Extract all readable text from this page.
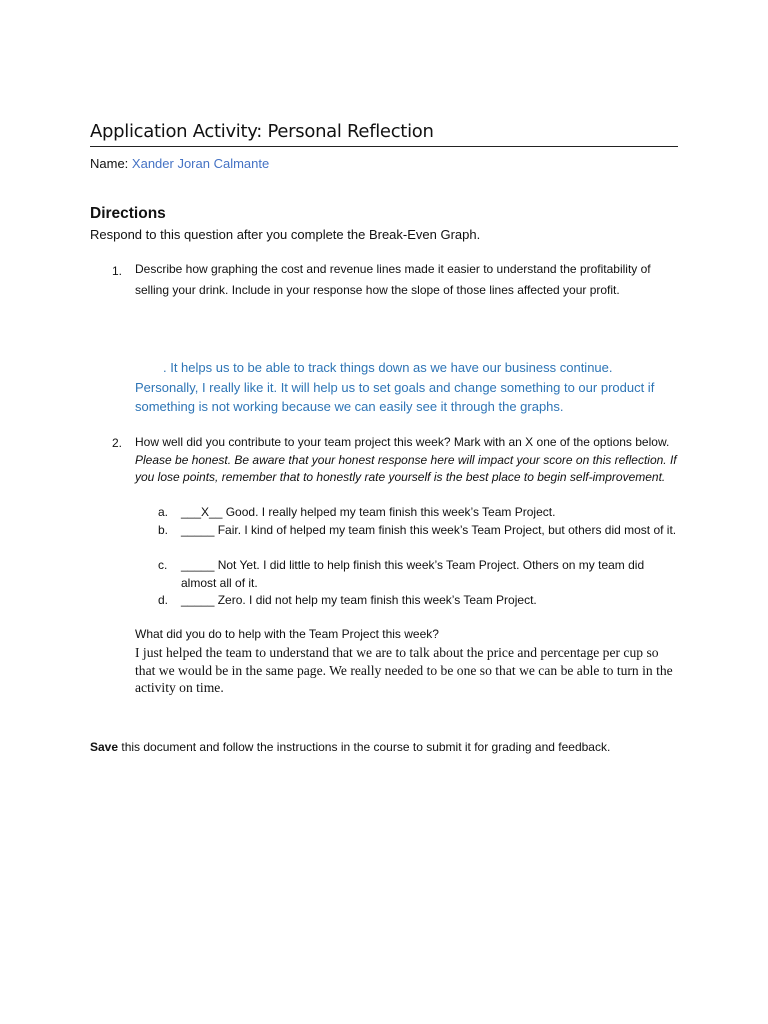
Application Activity: Personal Reflection
Name: Xander Joran Calmante
Directions
Respond to this question after you complete the Break-Even Graph.
1. Describe how graphing the cost and revenue lines made it easier to understand the profitability of selling your drink. Include in your response how the slope of those lines affected your profit.
. It helps us to be able to track things down as we have our business continue. Personally, I really like it. It will help us to set goals and change something to our product if something is not working because we can easily see it through the graphs.
2. How well did you contribute to your team project this week? Mark with an X one of the options below. Please be honest. Be aware that your honest response here will impact your score on this reflection. If you lose points, remember that to honestly rate yourself is the best place to begin self-improvement.
a. ___X__ Good. I really helped my team finish this week’s Team Project.
b. _____ Fair. I kind of helped my team finish this week’s Team Project, but others did most of it.
c. _____ Not Yet. I did little to help finish this week’s Team Project. Others on my team did almost all of it.
d. _____ Zero. I did not help my team finish this week’s Team Project.
What did you do to help with the Team Project this week?
I just helped the team to understand that we are to talk about the price and percentage per cup so that we would be in the same page. We really needed to be one so that we can be able to turn in the activity on time.
Save this document and follow the instructions in the course to submit it for grading and feedback.
